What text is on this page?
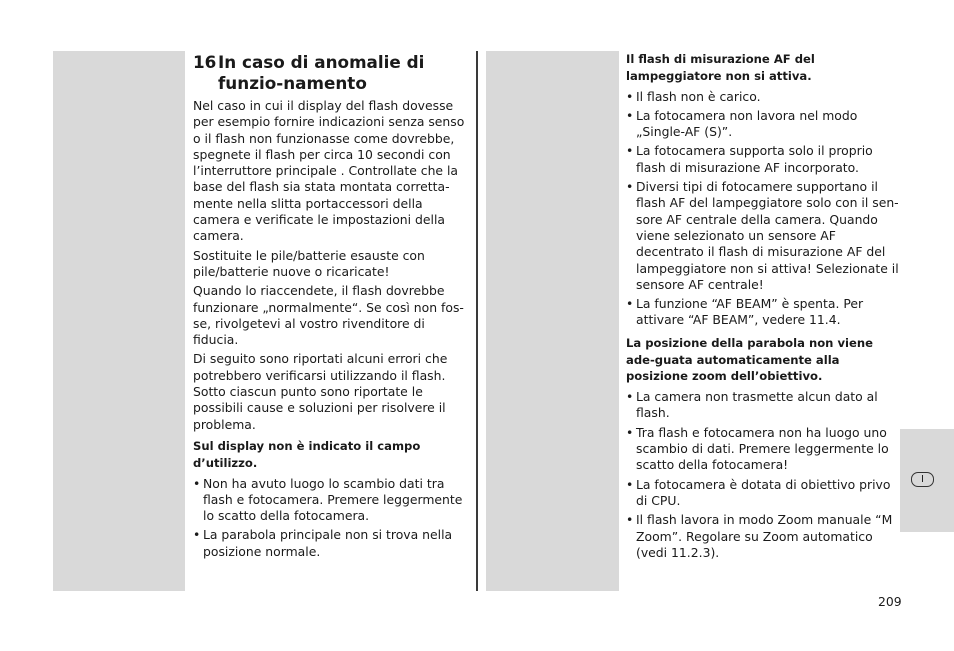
I
16In caso di anomalie di funzio-namento

Nel caso in cui il display del flash dovesse per esempio fornire indicazioni senza senso o il flash non funzionasse come dovrebbe, spegnete il flash per circa 10 secondi con l’interruttore principale . Controllate che la base del flash sia stata montata corretta-mente nella slitta portaccessori della camera e verificate le impostazioni della camera.

Sostituite le pile/batterie esauste con pile/batterie nuove o ricaricate!

Quando lo riaccendete, il flash dovrebbe funzionare „normalmente“. Se così non fos-se, rivolgetevi al vostro rivenditore di fiducia.

Di seguito sono riportati alcuni errori che potrebbero verificarsi utilizzando il flash. Sotto ciascun punto sono riportate le possibili cause e soluzioni per risolvere il problema.

Sul display non è indicato il campo d’utilizzo.
• Non ha avuto luogo lo scambio dati tra flash e fotocamera. Premere leggermente lo scatto della fotocamera.
• La parabola principale non si trova nella posizione normale.
Il flash di misurazione AF del lampeggiatore non si attiva.
• Il flash non è carico.
• La fotocamera non lavora nel modo „Single-AF (S)”.
• La fotocamera supporta solo il proprio flash di misurazione AF incorporato.
• Diversi tipi di fotocamere supportano il flash AF del lampeggiatore solo con il sen-sore AF centrale della camera. Quando viene selezionato un sensore AF decentrato il flash di misurazione AF del lampeggiatore non si attiva! Selezionate il sensore AF centrale!
• La funzione “AF BEAM” è spenta. Per attivare “AF BEAM”, vedere 11.4.
La posizione della parabola non viene ade-guata automaticamente alla posizione zoom dell’obiettivo.
• La camera non trasmette alcun dato al flash.
• Tra flash e fotocamera non ha luogo uno scambio di dati. Premere leggermente lo scatto della fotocamera!
• La fotocamera è dotata di obiettivo privo di CPU.
• Il flash lavora in modo Zoom manuale “M Zoom”. Regolare su Zoom automatico (vedi 11.2.3).
209
